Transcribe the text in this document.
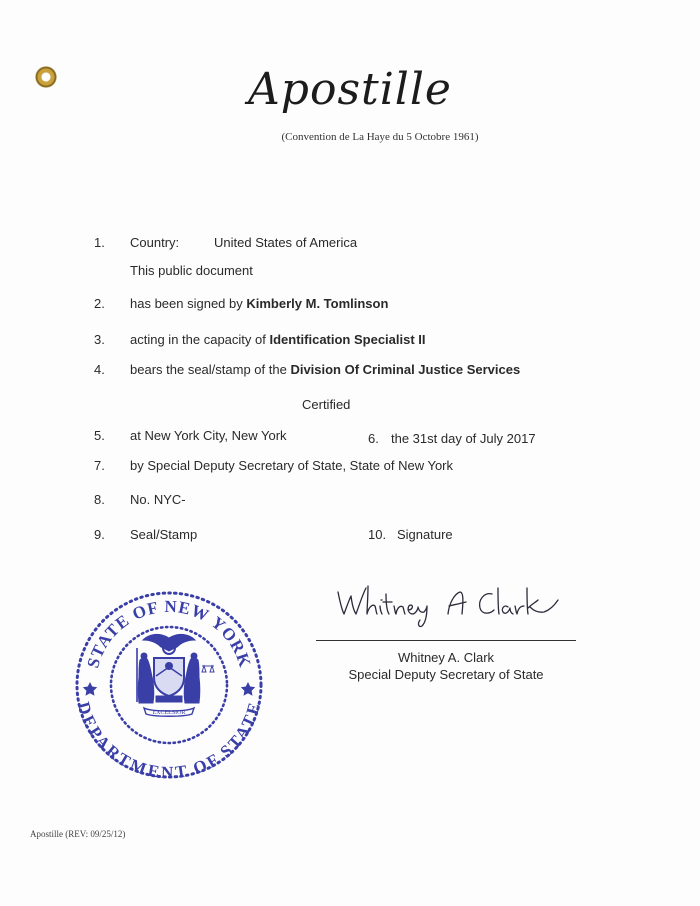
Apostille
(Convention de La Haye du 5 Octobre 1961)
1. Country:	United States of America
This public document
2. has been signed by Kimberly M. Tomlinson
3. acting in the capacity of Identification Specialist II
4. bears the seal/stamp of the Division Of Criminal Justice Services
Certified
5. at New York City, New York	6. the 31st day of July 2017
7. by Special Deputy Secretary of State, State of New York
8. No. NYC-
9. Seal/Stamp	10. Signature
Whitney A. Clark
Special Deputy Secretary of State
STATE OF NEW YORK
DEPARTMENT OF STATE
EXCELSIOR
Apostille (REV: 09/25/12)
